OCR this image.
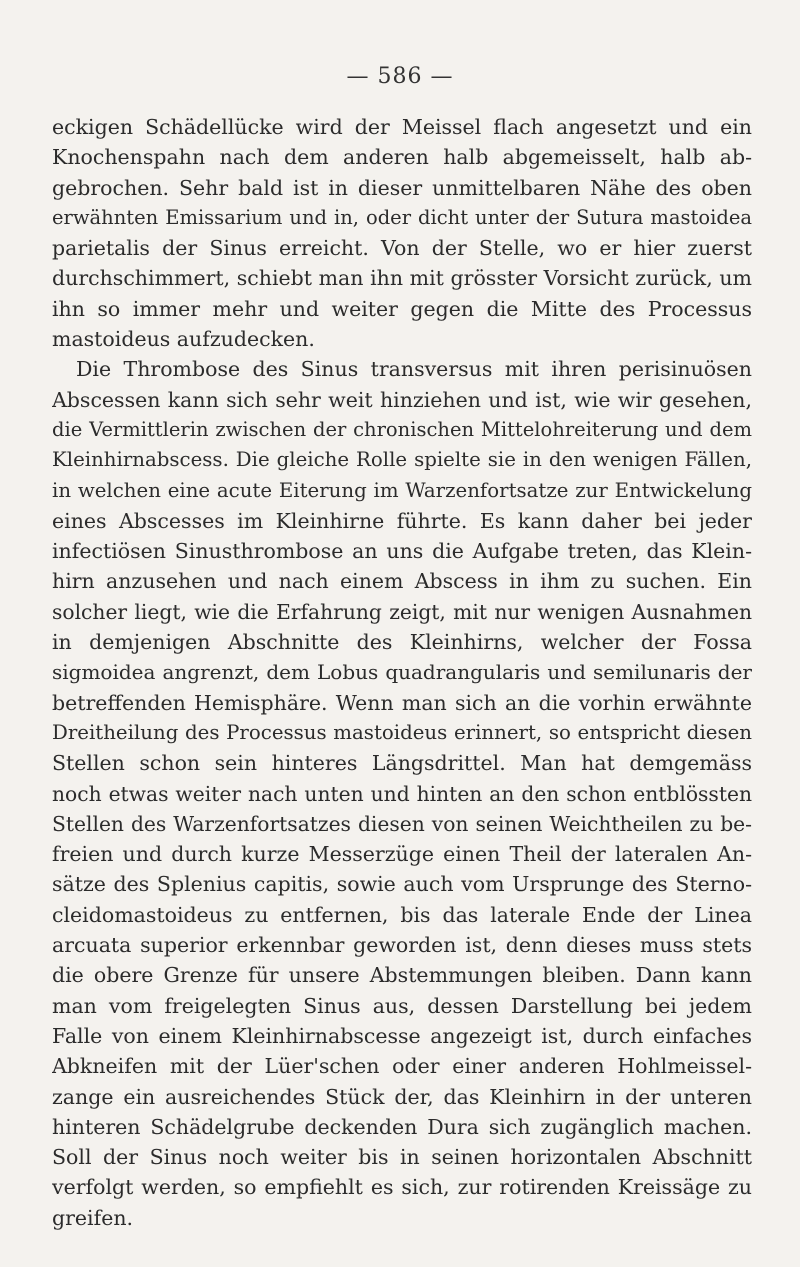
— 586 —
eckigen Schädellücke wird der Meissel flach angesetzt und ein
Knochenspahn nach dem anderen halb abgemeisselt, halb ab-
gebrochen. Sehr bald ist in dieser unmittelbaren Nähe des oben
erwähnten Emissarium und in, oder dicht unter der Sutura mastoidea
parietalis der Sinus erreicht. Von der Stelle, wo er hier zuerst
durchschimmert, schiebt man ihn mit grösster Vorsicht zurück, um
ihn so immer mehr und weiter gegen die Mitte des Processus
mastoideus aufzudecken.
Die Thrombose des Sinus transversus mit ihren perisinuösen
Abscessen kann sich sehr weit hinziehen und ist, wie wir gesehen,
die Vermittlerin zwischen der chronischen Mittelohreiterung und dem
Kleinhirnabscess. Die gleiche Rolle spielte sie in den wenigen Fällen,
in welchen eine acute Eiterung im Warzenfortsatze zur Entwickelung
eines Abscesses im Kleinhirne führte. Es kann daher bei jeder
infectiösen Sinusthrombose an uns die Aufgabe treten, das Klein-
hirn anzusehen und nach einem Abscess in ihm zu suchen. Ein
solcher liegt, wie die Erfahrung zeigt, mit nur wenigen Ausnahmen
in demjenigen Abschnitte des Kleinhirns, welcher der Fossa
sigmoidea angrenzt, dem Lobus quadrangularis und semilunaris der
betreffenden Hemisphäre. Wenn man sich an die vorhin erwähnte
Dreitheilung des Processus mastoideus erinnert, so entspricht diesen
Stellen schon sein hinteres Längsdrittel. Man hat demgemäss
noch etwas weiter nach unten und hinten an den schon entblössten
Stellen des Warzenfortsatzes diesen von seinen Weichtheilen zu be-
freien und durch kurze Messerzüge einen Theil der lateralen An-
sätze des Splenius capitis, sowie auch vom Ursprunge des Sterno-
cleidomastoideus zu entfernen, bis das laterale Ende der Linea
arcuata superior erkennbar geworden ist, denn dieses muss stets
die obere Grenze für unsere Abstemmungen bleiben. Dann kann
man vom freigelegten Sinus aus, dessen Darstellung bei jedem
Falle von einem Kleinhirnabscesse angezeigt ist, durch einfaches
Abkneifen mit der Lüer'schen oder einer anderen Hohlmeissel-
zange ein ausreichendes Stück der, das Kleinhirn in der unteren
hinteren Schädelgrube deckenden Dura sich zugänglich machen.
Soll der Sinus noch weiter bis in seinen horizontalen Abschnitt
verfolgt werden, so empfiehlt es sich, zur rotirenden Kreissäge zu
greifen.
